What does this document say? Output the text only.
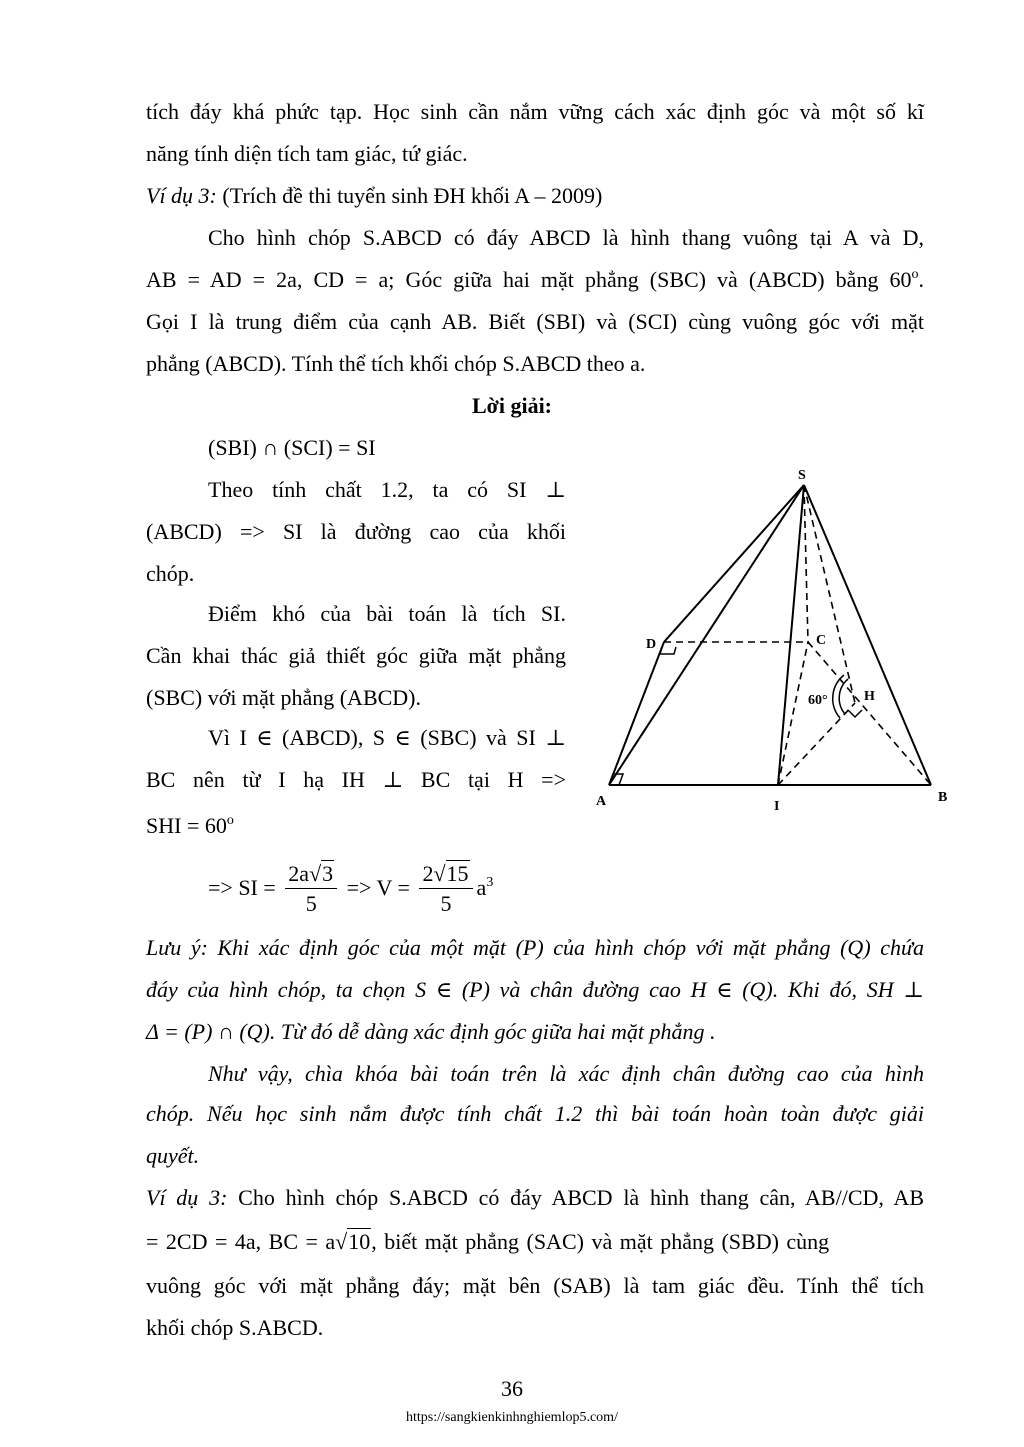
tích đáy khá phức tạp. Học sinh cần nắm vững cách xác định góc và một số kĩ
năng tính diện tích tam giác, tứ giác.
Ví dụ 3: (Trích đề thi tuyển sinh ĐH khối A – 2009)
Cho hình chóp S.ABCD có đáy ABCD là hình thang vuông tại A và D,
AB = AD = 2a, CD = a; Góc giữa hai mặt phẳng (SBC) và (ABCD) bằng 60$^o$.
Gọi I là trung điểm của cạnh AB. Biết (SBI) và (SCI) cùng vuông góc với mặt
phẳng (ABCD). Tính thể tích khối chóp S.ABCD theo a.
Lời giải:
(SBI) ∩ (SCI) = SI
Theo tính chất 1.2, ta có SI ⊥
(ABCD) => SI là đường cao của khối
chóp.
Điểm khó của bài toán là tích SI.
Cần khai thác giả thiết góc giữa mặt phẳng
(SBC) với mặt phẳng (ABCD).
Vì I ∈ (ABCD), S ∈ (SBC) và SI ⊥
BC nên từ I hạ IH ⊥ BC tại H =>
SHI = $60^o$
=> SI = $\frac{2a√3}{5} => V = \frac{2√15}{5} a^3$
S
D	C
H
60°
A	I
B
Lưu ý: Khi xác định góc của một mặt (P) của hình chóp với mặt phẳng (Q) chứa
đáy của hình chóp, ta chọn S ∈ (P) và chân đường cao H ∈ (Q). Khi đó, SH ⊥
Δ = (P) ∩ (Q). Từ đó dễ dàng xác định góc giữa hai mặt phẳng .
Như vậy, chìa khóa bài toán trên là xác định chân đường cao của hình
chóp. Nếu học sinh nắm được tính chất 1.2 thì bài toán hoàn toàn được giải
quyết.
Ví dụ 3: Cho hình chóp S.ABCD có đáy ABCD là hình thang cân, AB//CD, AB
= 2CD = 4a, BC = a√10, biết mặt phẳng (SAC) và mặt phẳng (SBD) cùng
vuông góc với mặt phẳng đáy; mặt bên (SAB) là tam giác đều. Tính thể tích
khối chóp S.ABCD.
36
https://sangkienkinhnghiemlop5.com/
